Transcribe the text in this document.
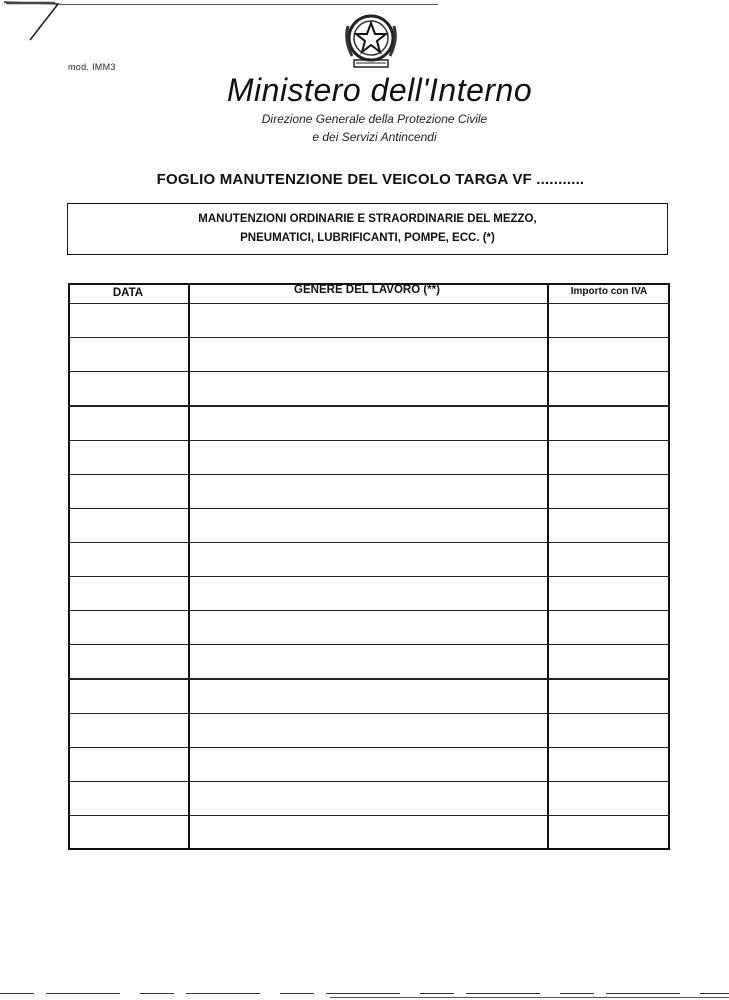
mod. IMM3
Ministero dell'Interno
Direzione Generale della Protezione Civile
e dei Servizi Antincendi
FOGLIO MANUTENZIONE DEL VEICOLO TARGA VF ...........
MANUTENZIONI ORDINARIE E STRAORDINARIE DEL MEZZO,
PNEUMATICI, LUBRIFICANTI, POMPE, ECC. (*)
DATA	GENERE DEL LAVORO (**)	Importo con IVA
